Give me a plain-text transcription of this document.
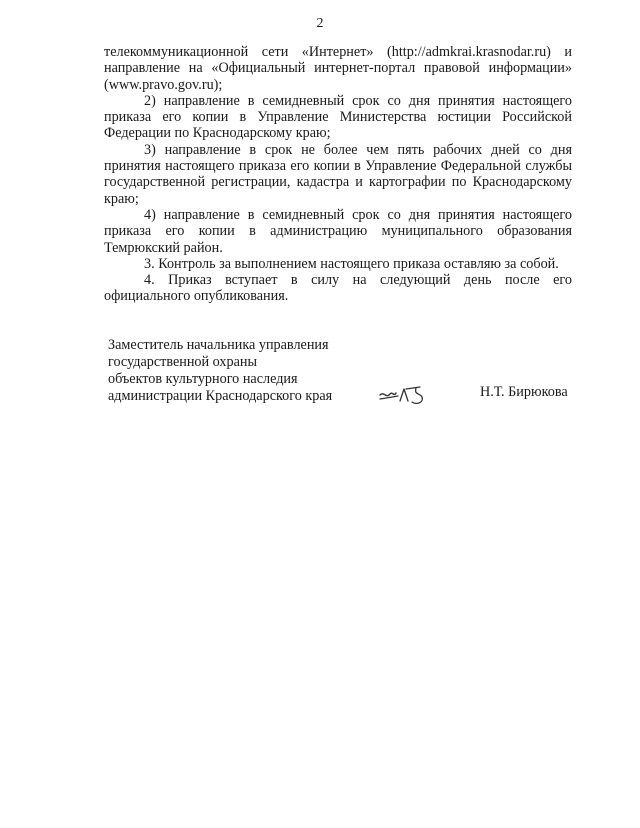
2

телекоммуникационной сети «Интернет» (http://admkrai.krasnodar.ru) и направление на «Официальный интернет-портал правовой информации» (www.pravo.gov.ru);

2) направление в семидневный срок со дня принятия настоящего приказа его копии в Управление Министерства юстиции Российской Федерации по Краснодарскому краю;

3) направление в срок не более чем пять рабочих дней со дня принятия настоящего приказа его копии в Управление Федеральной службы государственной регистрации, кадастра и картографии по Краснодарскому краю;

4) направление в семидневный срок со дня принятия настоящего приказа его копии в администрацию муниципального образования Темрюкский район.

3. Контроль за выполнением настоящего приказа оставляю за собой.

4. Приказ вступает в силу на следующий день после его официального опубликования.

Заместитель начальника управления
государственной охраны
объектов культурного наследия
администрации Краснодарского края	Н.Т. Бирюкова
